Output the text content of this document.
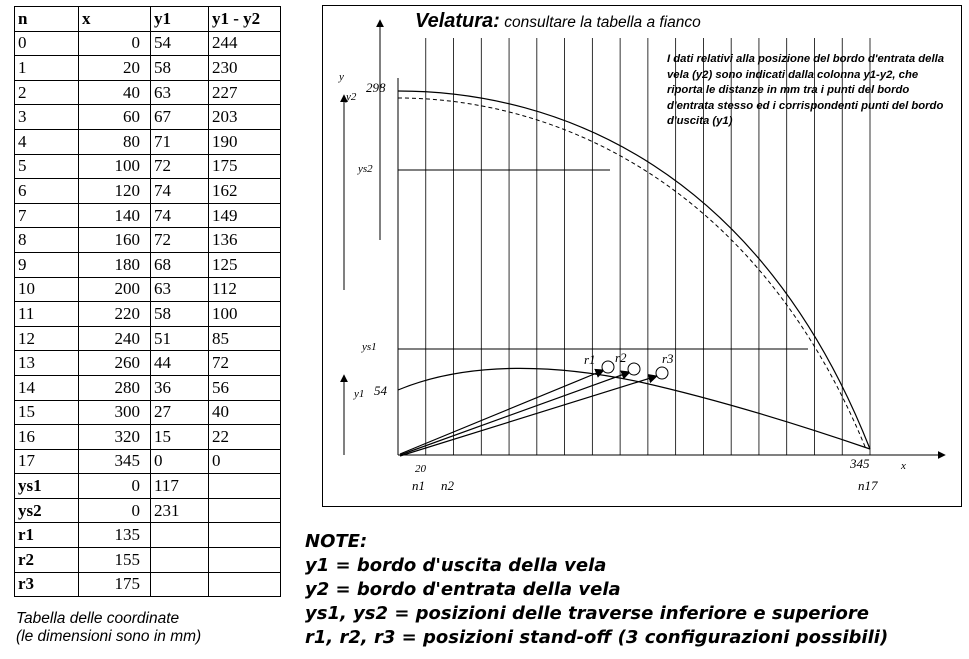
n	x	y1	y1 - y2
0	0	54	244
1	20	58	230
2	40	63	227
3	60	67	203
4	80	71	190
5	100	72	175
6	120	74	162
7	140	74	149
8	160	72	136
9	180	68	125
10	200	63	112
11	220	58	100
12	240	51	85
13	260	44	72
14	280	36	56
15	300	27	40
16	320	15	22
17	345	0	0
ys1	0	117	
ys2	0	231	
r1	135		
r2	155		
r3	175		
Tabella delle coordinate
(le dimensioni sono in mm)
y
y2
298
ys2
ys1
y1 54
20	345	x
n1 n2	n17
r1 r2	r3
Velatura: consultare la tabella a fianco
I dati relativi alla posizione del bordo d'entrata della vela (y2) sono indicati dalla colonna y1-y2, che riporta le distanze in mm tra i punti del bordo d'entrata stesso ed i corrispondenti punti del bordo d'uscita (y1)
NOTE:
y1 = bordo d'uscita della vela
y2 = bordo d'entrata della vela
ys1, ys2 = posizioni delle traverse inferiore e superiore
r1, r2, r3 = posizioni stand-off (3 configurazioni possibili)
